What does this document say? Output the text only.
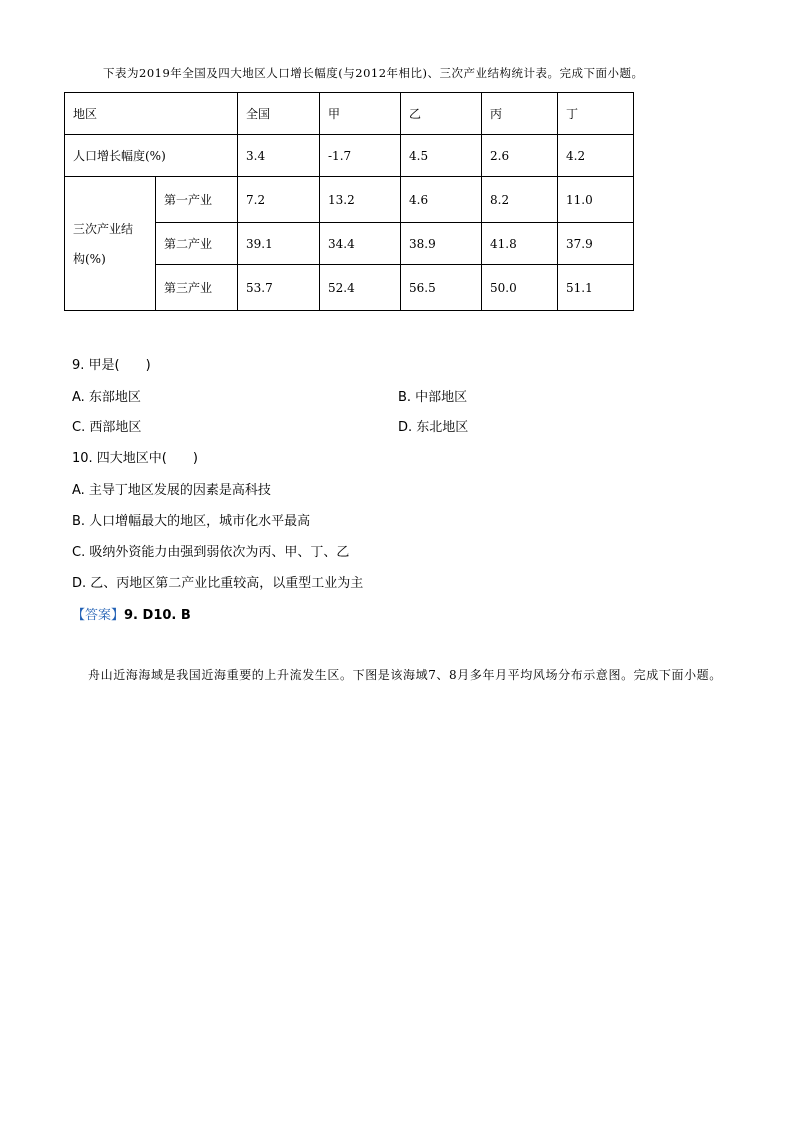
下表为2019年全国及四大地区人口增长幅度(与2012年相比)、三次产业结构统计表。完成下面小题。
地区		全国	甲	乙	丙	丁
人口增长幅度(%)		3.4	-1.7	4.5	2.6	4.2

三次产业结
构(%)	第一产业	7.2	13.2	4.6	8.2	11.0
	第二产业	39.1	34.4	38.9	41.8	37.9
	第三产业	53.7	52.4	56.5	50.0	51.1
9. 甲是(　　)
A. 东部地区	B. 中部地区
C. 西部地区	D. 东北地区
10. 四大地区中(　　)
A. 主导丁地区发展的因素是高科技
B. 人口增幅最大的地区，城市化水平最高
C. 吸纳外资能力由强到弱依次为丙、甲、丁、乙
D. 乙、丙地区第二产业比重较高，以重型工业为主
【答案】9. D10. B
舟山近海海域是我国近海重要的上升流发生区。下图是该海域7、8月多年月平均风场分布示意图。完成下面小题。
